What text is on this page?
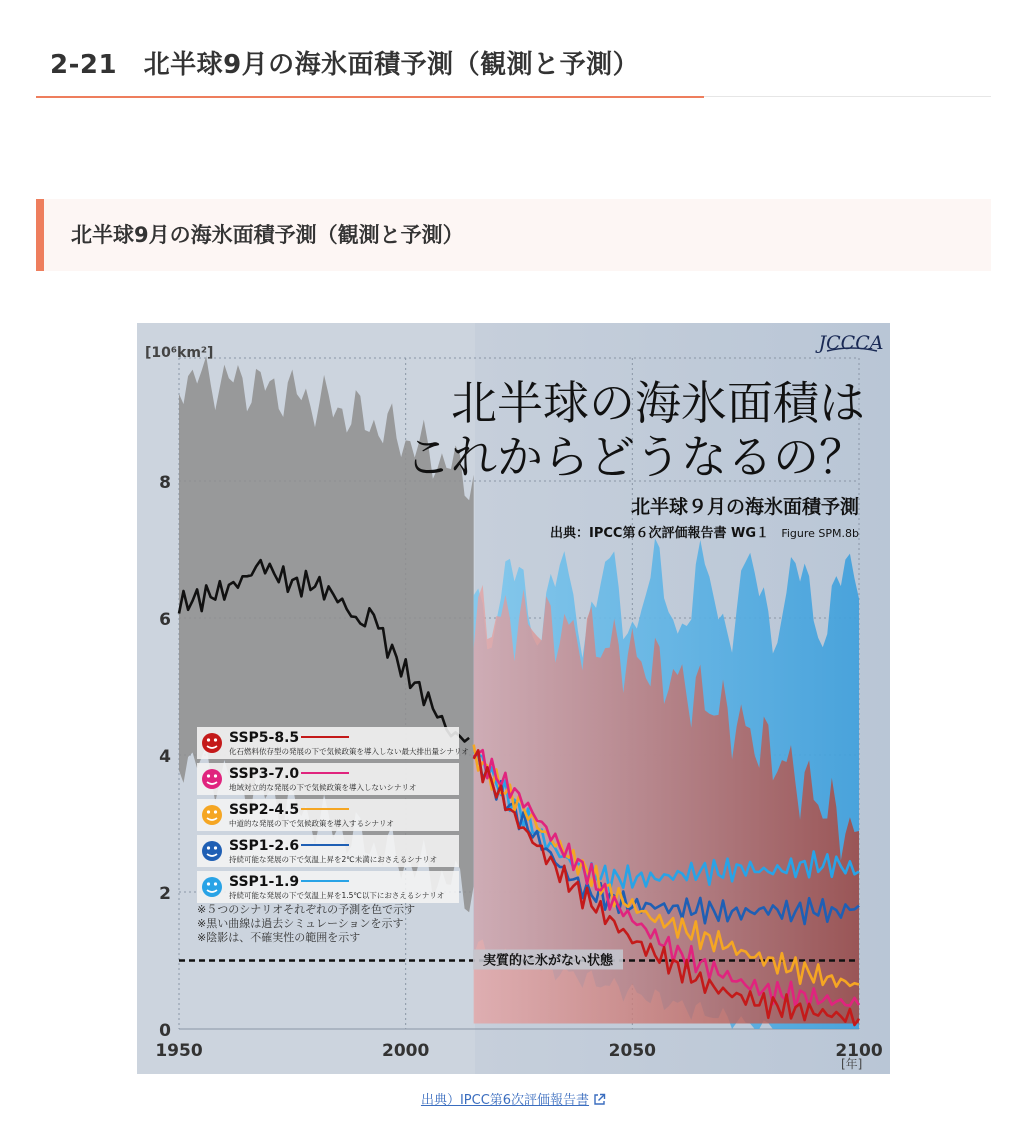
2-21　北半球9月の海氷面積予測（観測と予測）
北半球9月の海氷面積予測（観測と予測）
実質的に氷がない状態
0
2
4
6
8
1950	2000	2050	2100
[10⁶km²]
[年]
JCCCA
北半球の海氷面積は
これからどうなるの？
北半球９月の海氷面積予測
出典：IPCC第６次評価報告書 WG１ Figure SPM.8b
SSP5-8.5
化石燃料依存型の発展の下で気候政策を導入しない最大排出量シナリオ
SSP3-7.0
地域対立的な発展の下で気候政策を導入しないシナリオ
SSP2-4.5
中道的な発展の下で気候政策を導入するシナリオ
SSP1-2.6
持続可能な発展の下で気温上昇を2℃未満におさえるシナリオ
SSP1-1.9
持続可能な発展の下で気温上昇を1.5℃以下におさえるシナリオ
※５つのシナリオそれぞれの予測を色で示す
※黒い曲線は過去シミュレーションを示す
※陰影は、不確実性の範囲を示す
出典）IPCC第6次評価報告書
